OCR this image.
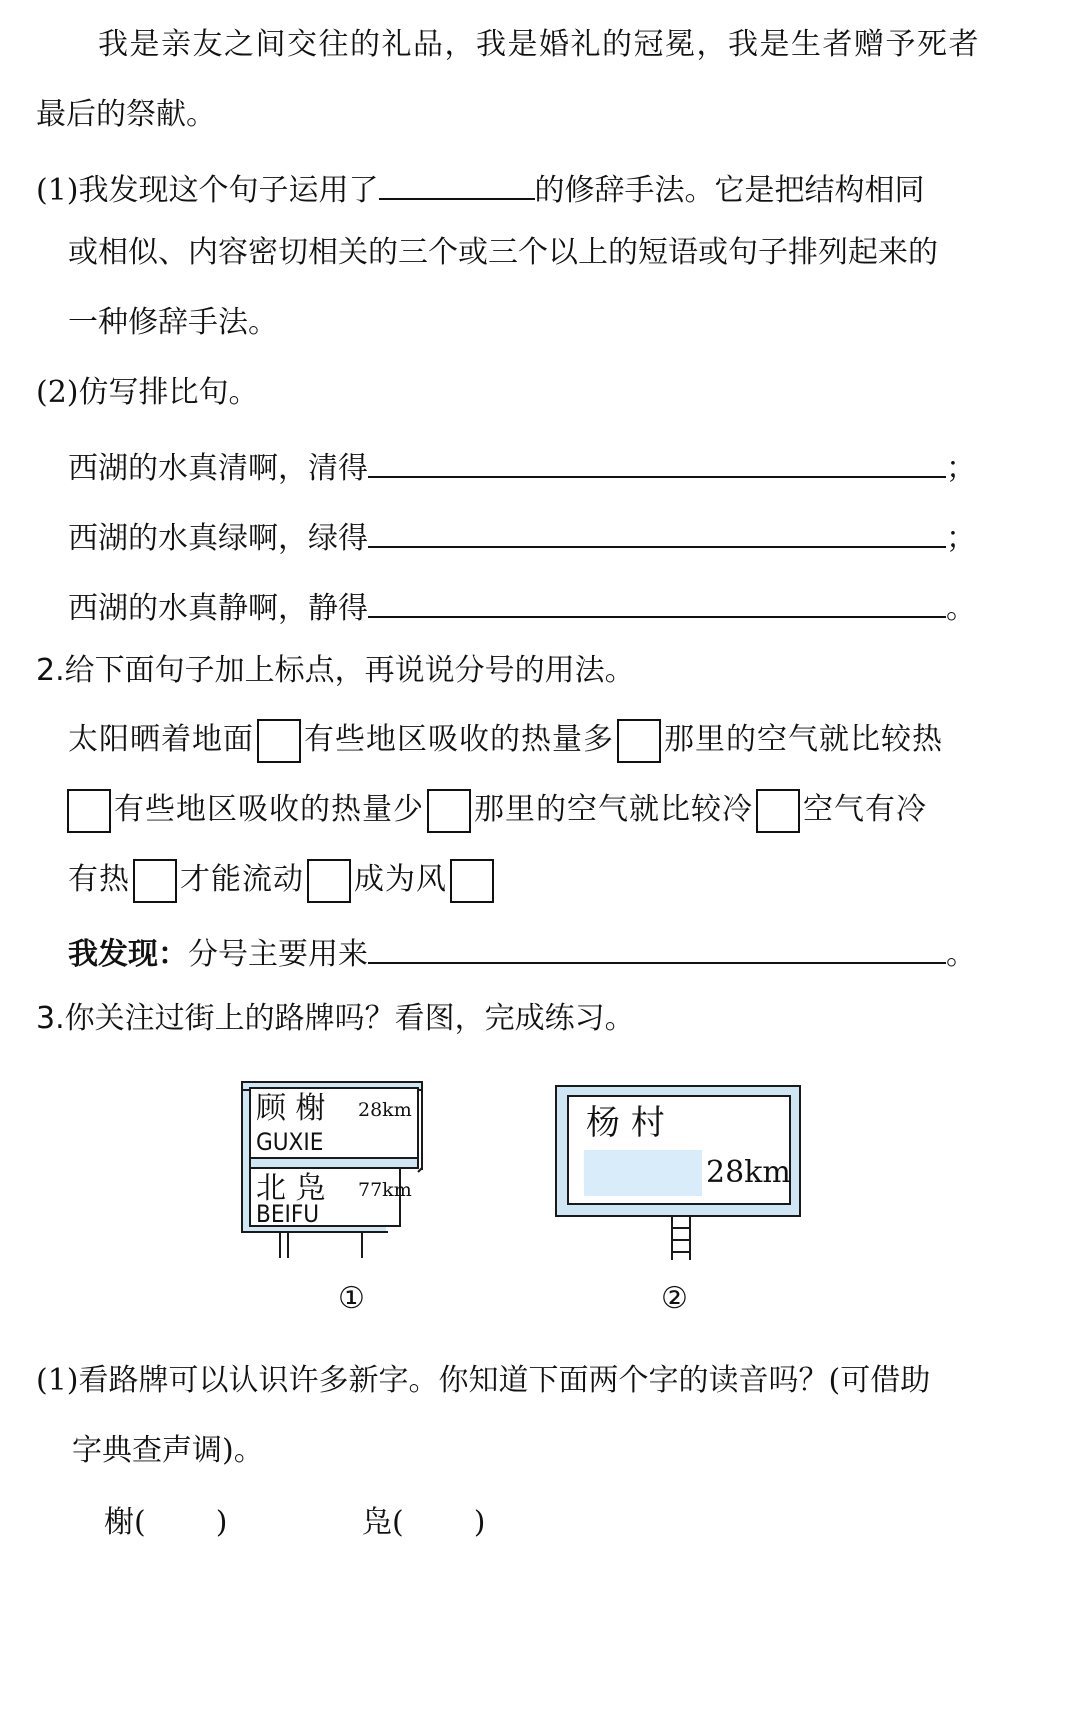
我是亲友之间交往的礼品，我是婚礼的冠冕，我是生者赠予死者
最后的祭献。
(1)我发现这个句子运用了	的修辞手法。它是把结构相同
或相似、内容密切相关的三个或三个以上的短语或句子排列起来的
一种修辞手法。
(2)仿写排比句。
西湖的水真清啊，清得	；
西湖的水真绿啊，绿得	；
西湖的水真静啊，静得	。
2.给下面句子加上标点，再说说分号的用法。
太阳晒着地面 有些地区吸收的热量多 那里的空气就比较热
有些地区吸收的热量少 那里的空气就比较冷 空气有冷
有热 才能流动 成为风
我发现：分号主要用来	。
3.你关注过街上的路牌吗？看图，完成练习。
顾 榭 28km
GUXIE
北 凫 77km
BEIFU
杨 村
28km
①	②
(1)看路牌可以认识许多新字。你知道下面两个字的读音吗？(可借助
字典查声调)。
榭( )	凫( )
